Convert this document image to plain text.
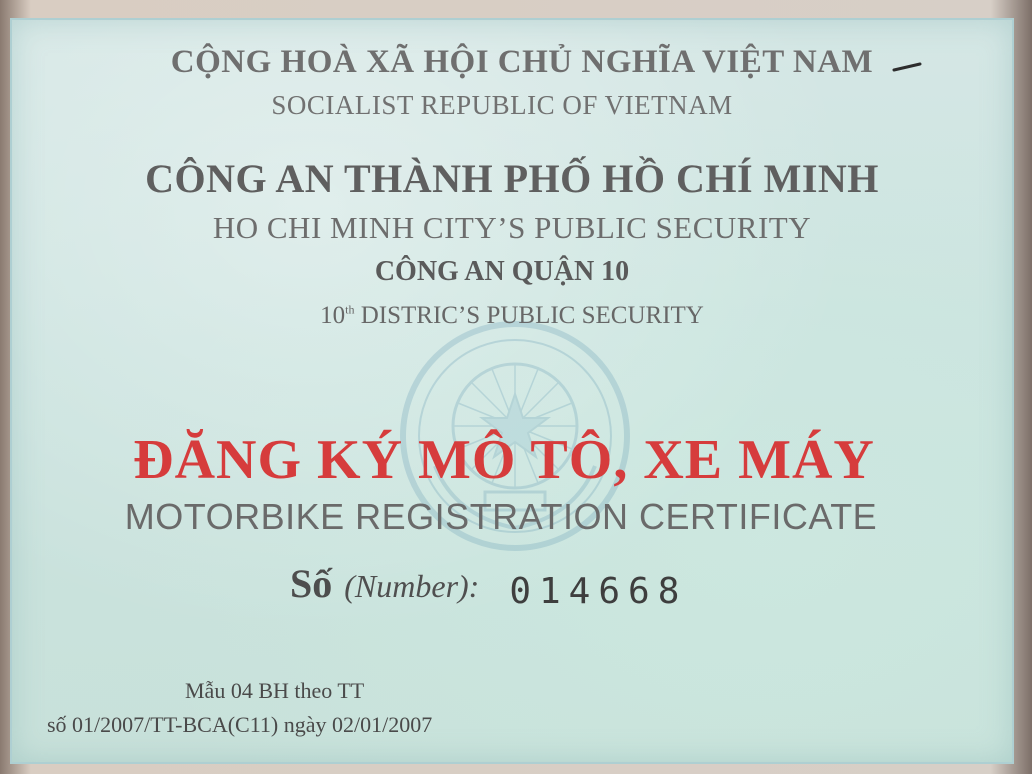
CỘNG HOÀ XÃ HỘI CHỦ NGHĨA VIỆT NAM
SOCIALIST REPUBLIC OF VIETNAM
CÔNG AN THÀNH PHỐ HỒ CHÍ MINH
HO CHI MINH CITY’S PUBLIC SECURITY
CÔNG AN QUẬN 10
10th DISTRIC’S PUBLIC SECURITY
ĐĂNG KÝ MÔ TÔ, XE MÁY
MOTORBIKE REGISTRATION CERTIFICATE
Số (Number): 014668
Mẫu 04 BH theo TT
số 01/2007/TT-BCA(C11) ngày 02/01/2007
